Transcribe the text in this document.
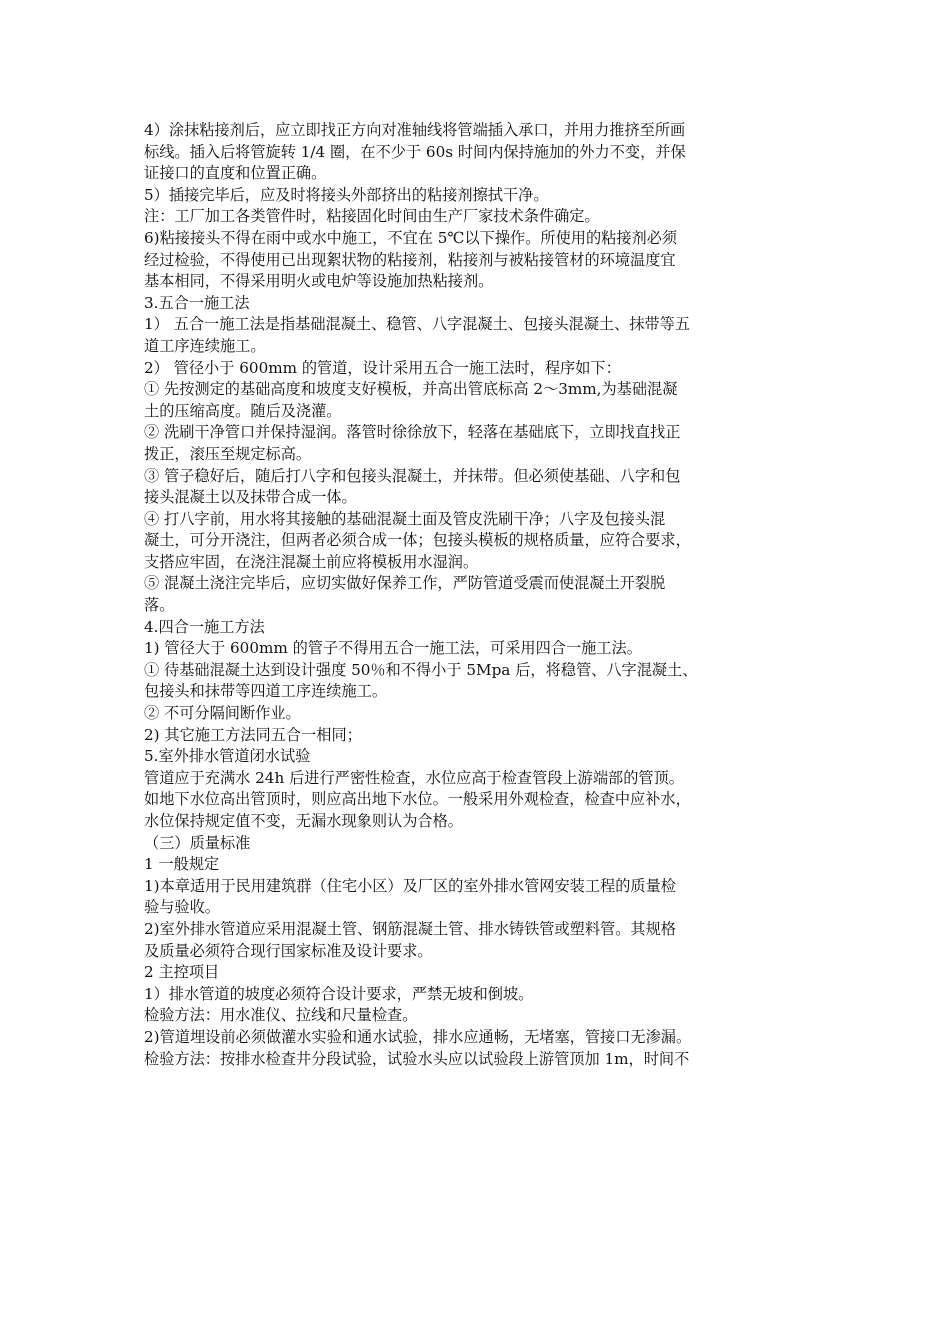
4）涂抹粘接剂后，应立即找正方向对准轴线将管端插入承口，并用力推挤至所画
标线。插入后将管旋转 1/4 圈，在不少于 60s 时间内保持施加的外力不变，并保
证接口的直度和位置正确。
5）插接完毕后，应及时将接头外部挤出的粘接剂擦拭干净。
注：工厂加工各类管件时，粘接固化时间由生产厂家技术条件确定。
6)粘接接头不得在雨中或水中施工，不宜在 5℃以下操作。所使用的粘接剂必须
经过检验，不得使用已出现絮状物的粘接剂，粘接剂与被粘接管材的环境温度宜
基本相同，不得采用明火或电炉等设施加热粘接剂。
3.五合一施工法
1） 五合一施工法是指基础混凝土、稳管、八字混凝土、包接头混凝土、抹带等五
道工序连续施工。
2） 管径小于 600mm 的管道，设计采用五合一施工法时，程序如下：
① 先按测定的基础高度和坡度支好模板，并高出管底标高 2～3mm,为基础混凝
土的压缩高度。随后及浇灌。
② 洗刷干净管口并保持湿润。落管时徐徐放下，轻落在基础底下，立即找直找正
拨正，滚压至规定标高。
③ 管子稳好后，随后打八字和包接头混凝土，并抹带。但必须使基础、八字和包
接头混凝土以及抹带合成一体。
④ 打八字前，用水将其接触的基础混凝土面及管皮洗刷干净；八字及包接头混
凝土，可分开浇注，但两者必须合成一体；包接头模板的规格质量，应符合要求，
支搭应牢固，在浇注混凝土前应将模板用水湿润。
⑤ 混凝土浇注完毕后，应切实做好保养工作，严防管道受震而使混凝土开裂脱
落。
4.四合一施工方法
1) 管径大于 600mm 的管子不得用五合一施工法，可采用四合一施工法。
① 待基础混凝土达到设计强度 50％和不得小于 5Mpa 后，将稳管、八字混凝土、
包接头和抹带等四道工序连续施工。
② 不可分隔间断作业。
2) 其它施工方法同五合一相同；
5.室外排水管道闭水试验
管道应于充满水 24h 后进行严密性检查，水位应高于检查管段上游端部的管顶。
如地下水位高出管顶时，则应高出地下水位。一般采用外观检查，检查中应补水，
水位保持规定值不变，无漏水现象则认为合格。
（三）质量标准
1 一般规定
1)本章适用于民用建筑群（住宅小区）及厂区的室外排水管网安装工程的质量检
验与验收。
2)室外排水管道应采用混凝土管、钢筋混凝土管、排水铸铁管或塑料管。其规格
及质量必须符合现行国家标准及设计要求。
2 主控项目
1）排水管道的坡度必须符合设计要求，严禁无坡和倒坡。
检验方法：用水准仪、拉线和尺量检查。
2)管道埋设前必须做灌水实验和通水试验，排水应通畅，无堵塞，管接口无渗漏。
检验方法：按排水检查井分段试验，试验水头应以试验段上游管顶加 1m，时间不
